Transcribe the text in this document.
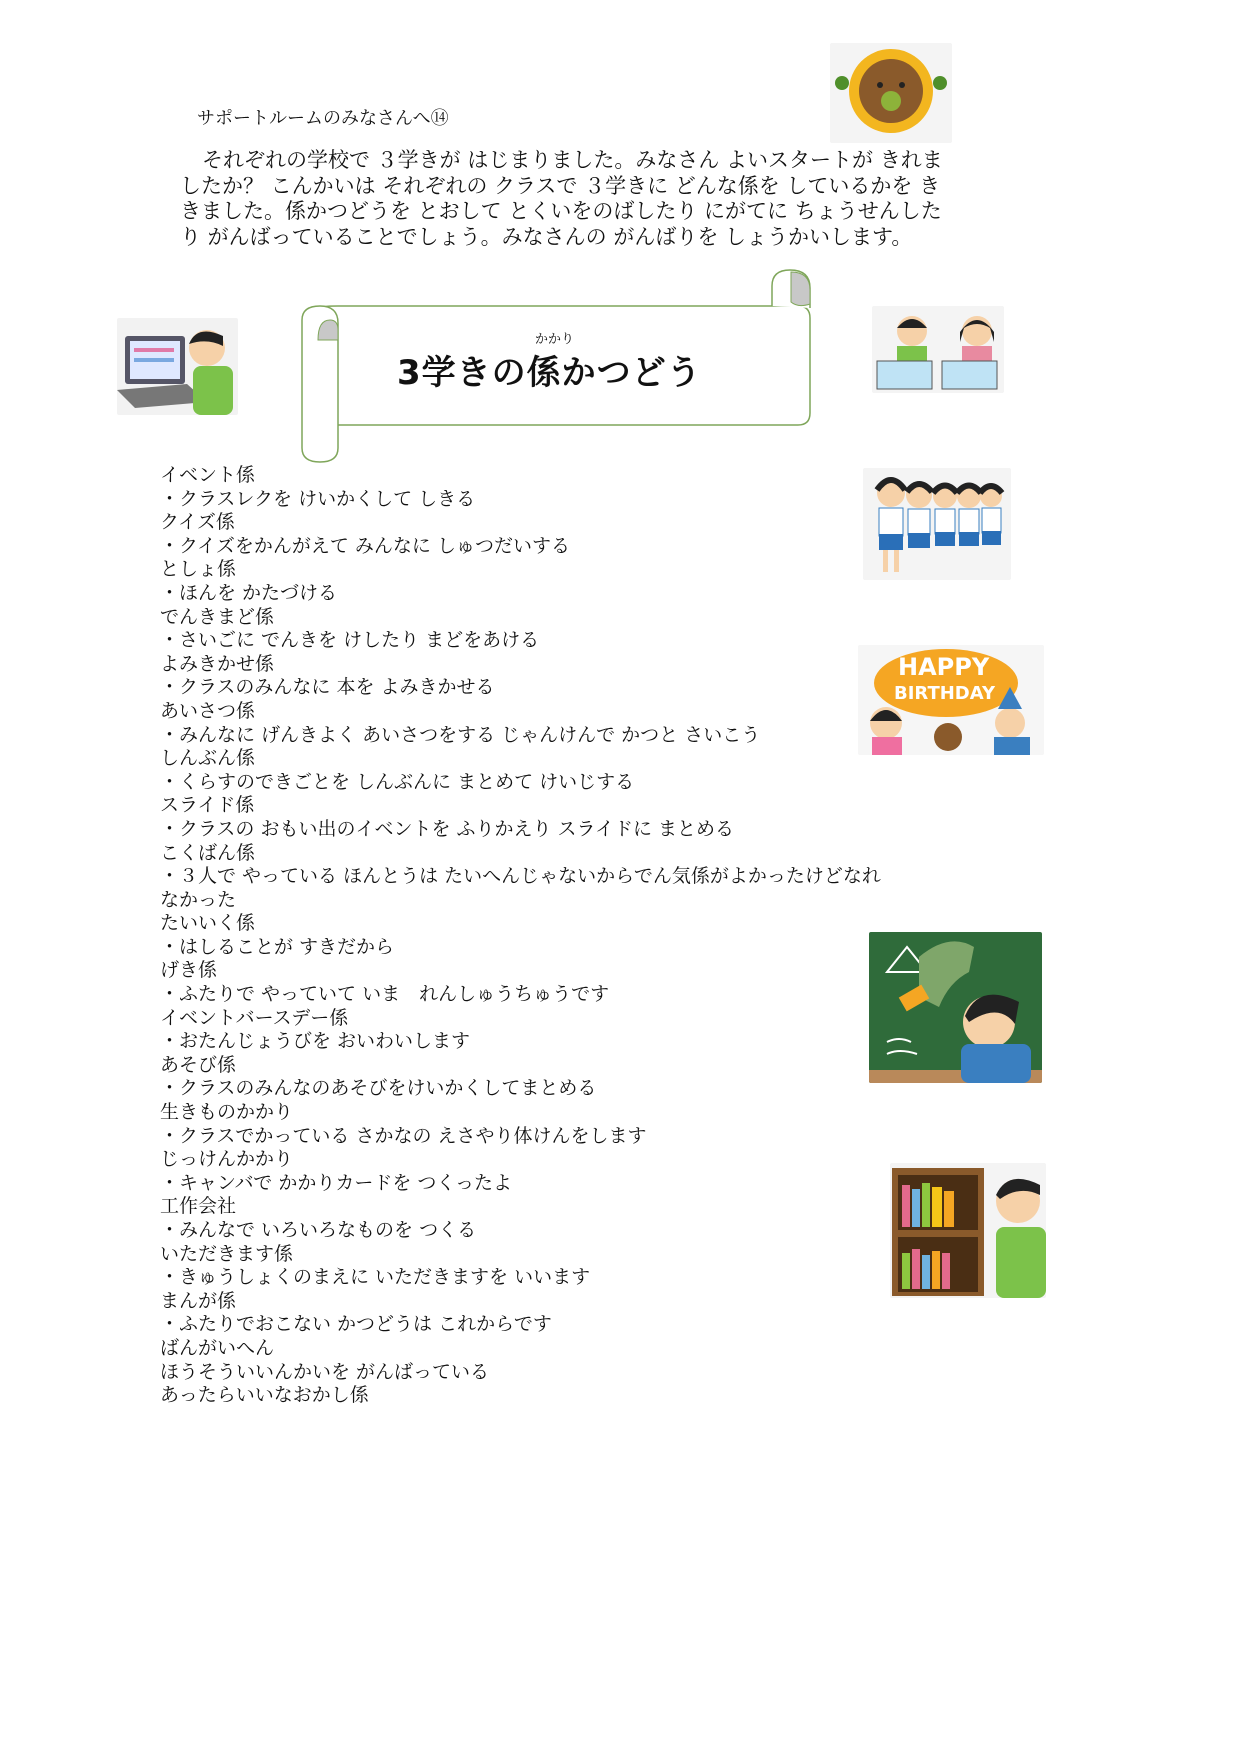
サポートルームのみなさんへ⑭
それぞれの学校で ３学きが はじまりました。みなさん よいスタートが きれましたか？ こんかいは それぞれの クラスで ３学きに どんな係を しているかを ききました。係かつどうを とおして とくいをのばしたり にがてに ちょうせんしたり がんばっていることでしょう。みなさんの がんばりを しょうかいします。
かかり
3学きの係かつどう
HAPPY
BIRTHDAY
イベント係
・クラスレクを けいかくして しきる
クイズ係
・クイズをかんがえて みんなに しゅつだいする
としょ係
・ほんを かたづける
でんきまど係
・さいごに でんきを けしたり まどをあける
よみきかせ係
・クラスのみんなに 本を よみきかせる
あいさつ係
・みんなに げんきよく あいさつをする じゃんけんで かつと さいこう
しんぶん係
・くらすのできごとを しんぶんに まとめて けいじする
スライド係
・クラスの おもい出のイベントを ふりかえり スライドに まとめる
こくばん係
・３人で やっている ほんとうは たいへんじゃないからでん気係がよかったけどなれ
なかった
たいいく係
・はしることが すきだから
げき係
・ふたりで やっていて いま　れんしゅうちゅうです
イベントバースデー係
・おたんじょうびを おいわいします
あそび係
・クラスのみんなのあそびをけいかくしてまとめる
生きものかかり
・クラスでかっている さかなの えさやり体けんをします
じっけんかかり
・キャンバで かかりカードを つくったよ
工作会社
・みんなで いろいろなものを つくる
いただきます係
・きゅうしょくのまえに いただきますを いいます
まんが係
・ふたりでおこない かつどうは これからです
ばんがいへん
ほうそういいんかいを がんばっている
あったらいいなおかし係
